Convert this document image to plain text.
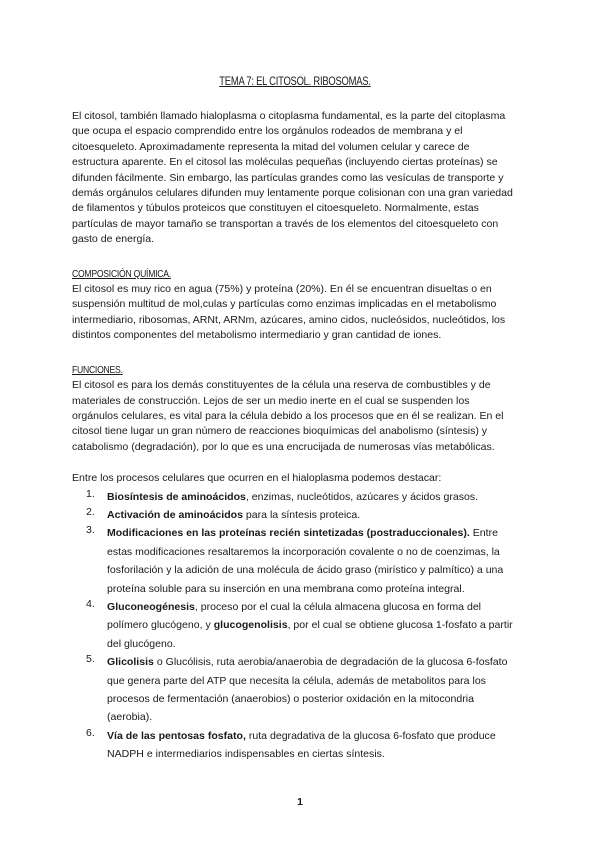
TEMA 7: EL CITOSOL. RIBOSOMAS.

El citosol, también llamado hialoplasma o citoplasma fundamental, es la parte del citoplasma que ocupa el espacio comprendido entre los orgánulos rodeados de membrana y el citoesqueleto. Aproximadamente representa la mitad del volumen celular y carece de estructura aparente. En el citosol las moléculas pequeñas (incluyendo ciertas proteínas) se difunden fácilmente. Sin embargo, las partículas grandes como las vesículas de transporte y demás orgánulos celulares difunden muy lentamente porque colisionan con una gran variedad de filamentos y túbulos proteicos que constituyen el citoesqueleto. Normalmente, estas partículas de mayor tamaño se transportan a través de los elementos del citoesqueleto con gasto de energía.

COMPOSICIÓN QUÍMICA.

El citosol es muy rico en agua (75%) y proteína (20%). En él se encuentran disueltas o en suspensión multitud de mol,culas y partículas como enzimas implicadas en el metabolismo intermediario, ribosomas, ARNt, ARNm, azúcares, amino cidos, nucleósidos, nucleótidos, los distintos componentes del metabolismo intermediario y gran cantidad de iones.

FUNCIONES.

El citosol es para los demás constituyentes de la célula una reserva de combustibles y de materiales de construcción. Lejos de ser un medio inerte en el cual se suspenden los orgánulos celulares, es vital para la célula debido a los procesos que en él se realizan. En el citosol tiene lugar un gran número de reacciones bioquímicas del anabolismo (síntesis) y catabolismo (degradación), por lo que es una encrucijada de numerosas vías metabólicas.

Entre los procesos celulares que ocurren en el hialoplasma podemos destacar:

1. Biosíntesis de aminoácidos, enzimas, nucleótidos, azúcares y ácidos grasos.
2. Activación de aminoácidos para la síntesis proteica.
3. Modificaciones en las proteínas recién sintetizadas (postraduccionales). Entre estas modificaciones resaltaremos la incorporación covalente o no de coenzimas, la fosforilación y la adición de una molécula de ácido graso (mirístico y palmítico) a una proteína soluble para su inserción en una membrana como proteína integral.
4. Gluconeogénesis, proceso por el cual la célula almacena glucosa en forma del polímero glucógeno, y glucogenolisis, por el cual se obtiene glucosa 1-fosfato a partir del glucógeno.
5. Glicolisis o Glucólisis, ruta aerobia/anaerobia de degradación de la glucosa 6-fosfato que genera parte del ATP que necesita la célula, además de metabolitos para los procesos de fermentación (anaerobios) o posterior oxidación en la mitocondria (aerobia).
6. Vía de las pentosas fosfato, ruta degradativa de la glucosa 6-fosfato que produce NADPH e intermediarios indispensables en ciertas síntesis.
1
